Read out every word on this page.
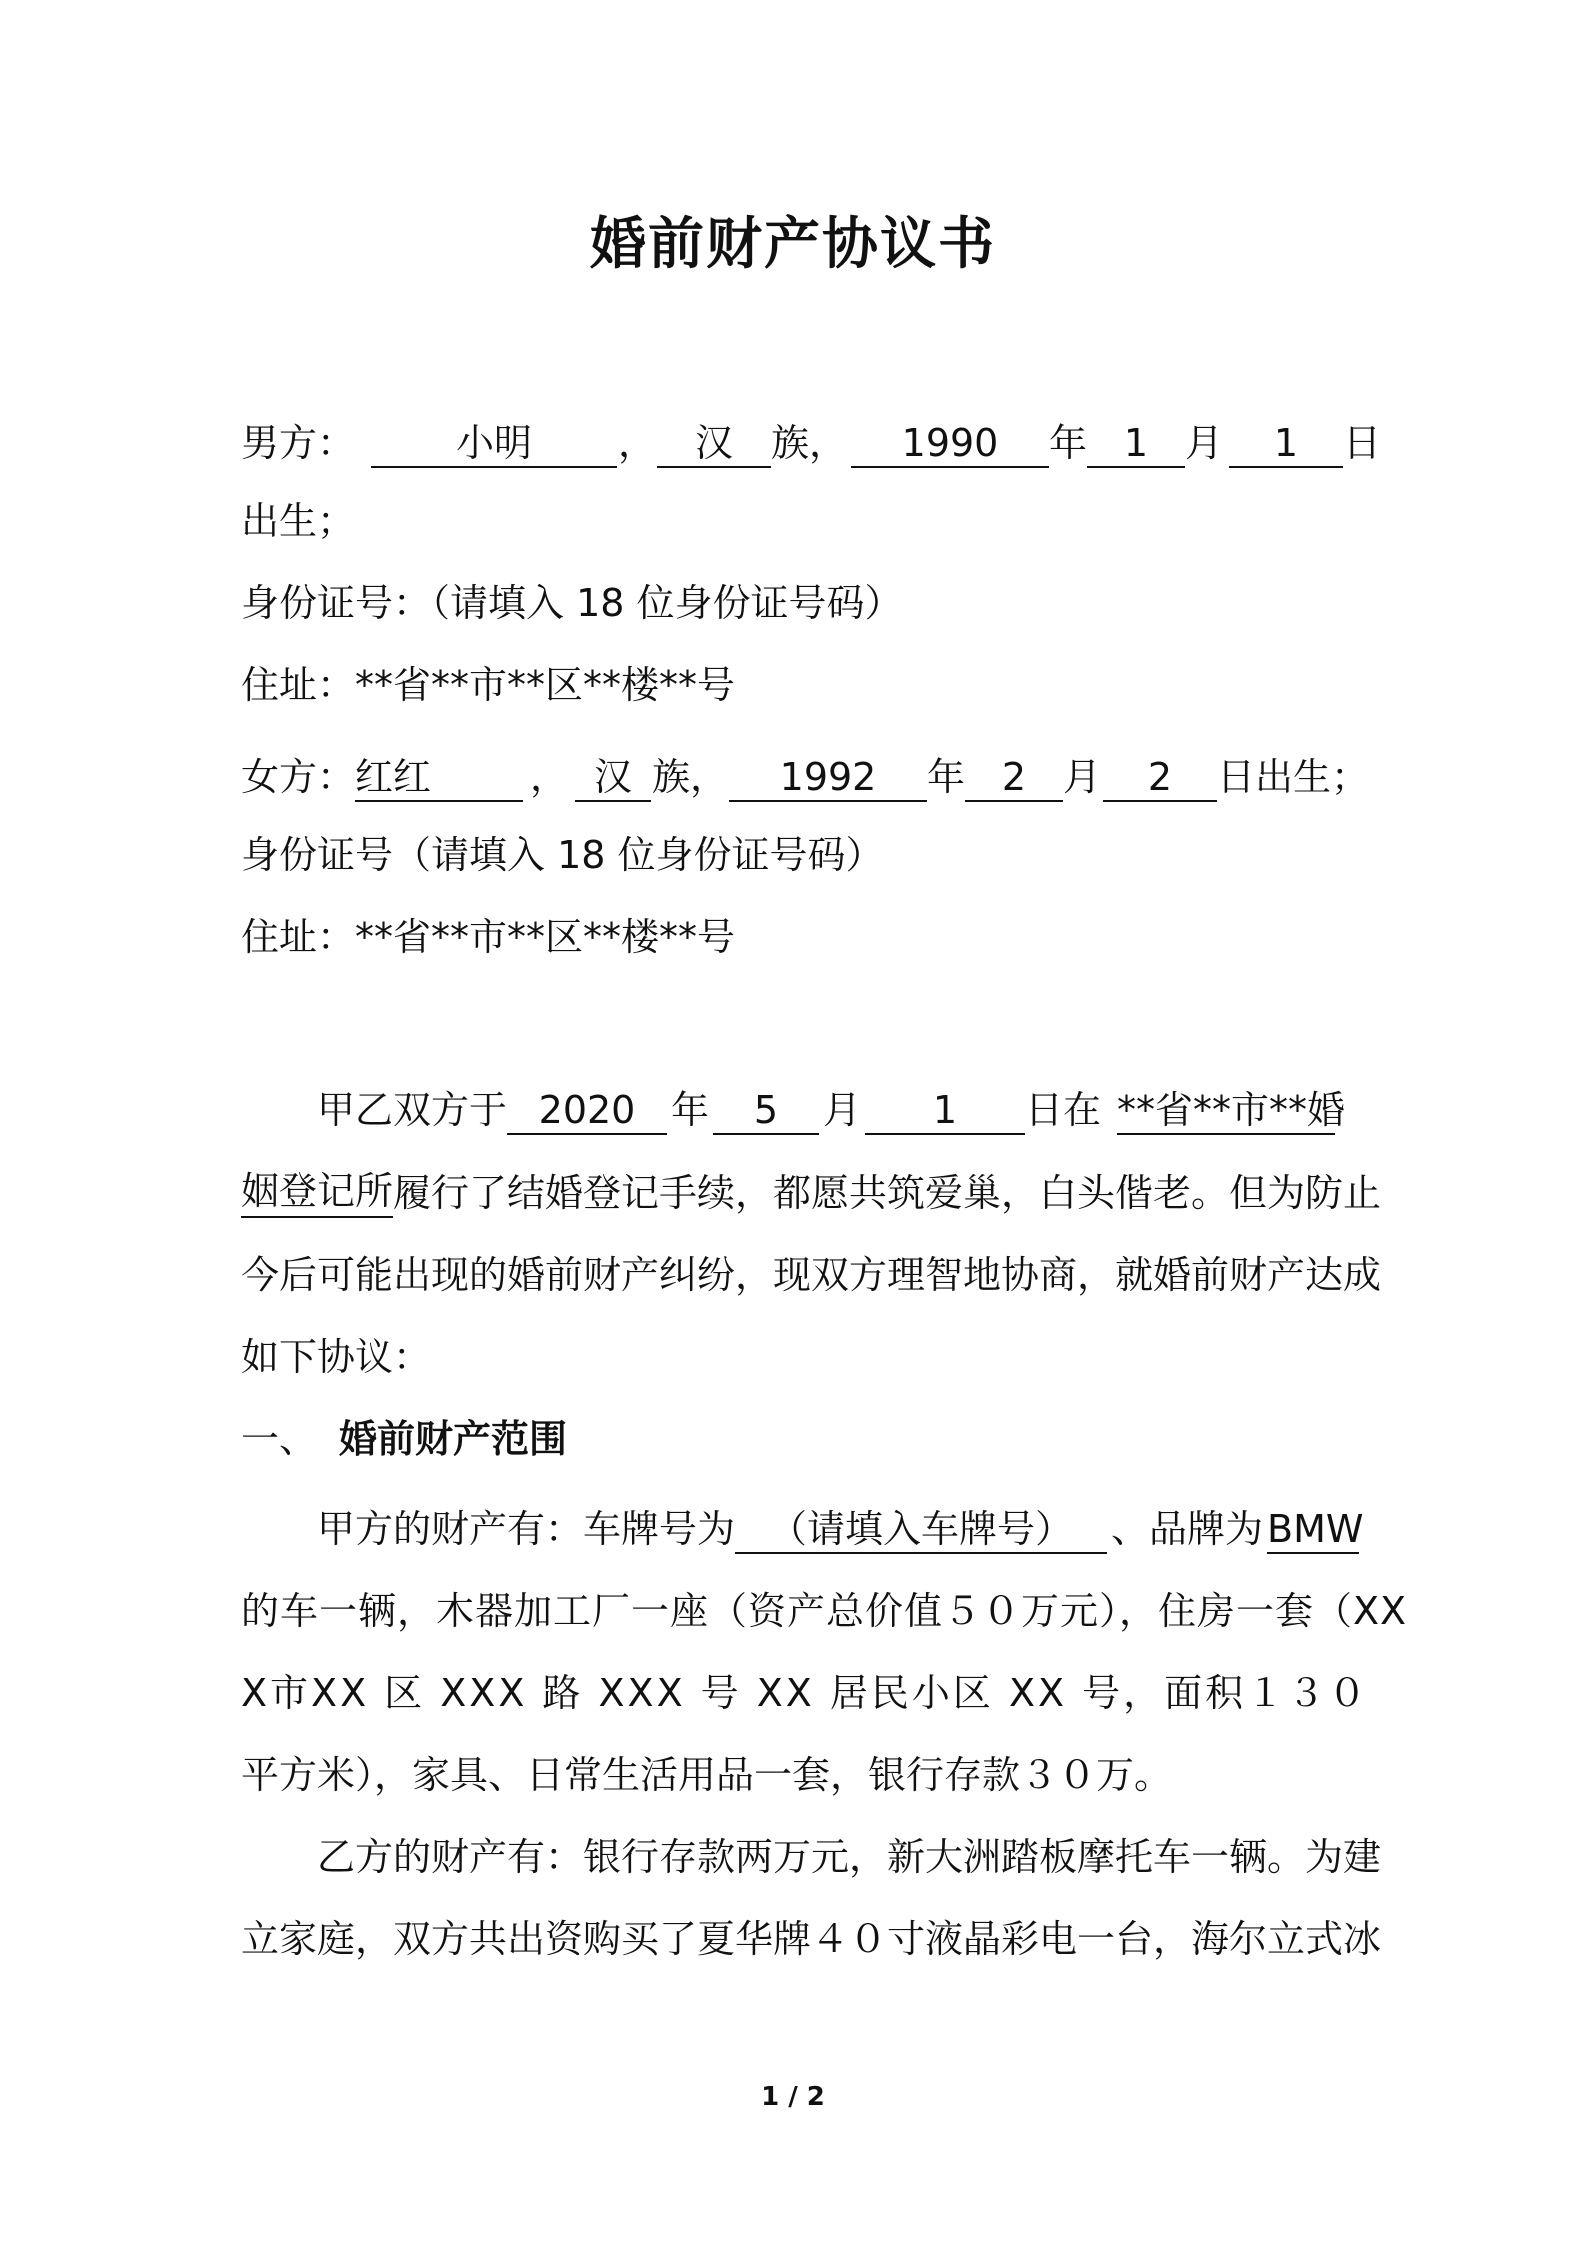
婚前财产协议书
男方：	小明 ， 汉 族， 1990 年 1 月 1 日
出生；
身份证号：（请填入 18 位身份证号码）
住址：**省**市**区**楼**号
女方：红红	， 汉 族， 1992 年 2 月 2 日出生；
身份证号（请填入 18 位身份证号码）
住址：**省**市**区**楼**号
甲乙双方于 2020 年 5 月 1 日在 **省**市**婚
姻登记所 履行了结婚登记手续，都愿共筑爱巢，白头偕老。但为防止
今后可能出现的婚前财产纠纷，现双方理智地协商，就婚前财产达成
如下协议：
一、 婚前财产范围
甲方的财产有：车牌号为 （请填入车牌号） 、品牌为 BMW
的车一辆，木器加工厂一座（资产总价值５０万元），住房一套（XX
X市XX 区 XXX 路 XXX 号 XX 居民小区 XX 号，面积１３０
平方米），家具、日常生活用品一套，银行存款３０万。
乙方的财产有：银行存款两万元，新大洲踏板摩托车一辆。为建
立家庭，双方共出资购买了夏华牌４０寸液晶彩电一台，海尔立式冰
1 / 2
